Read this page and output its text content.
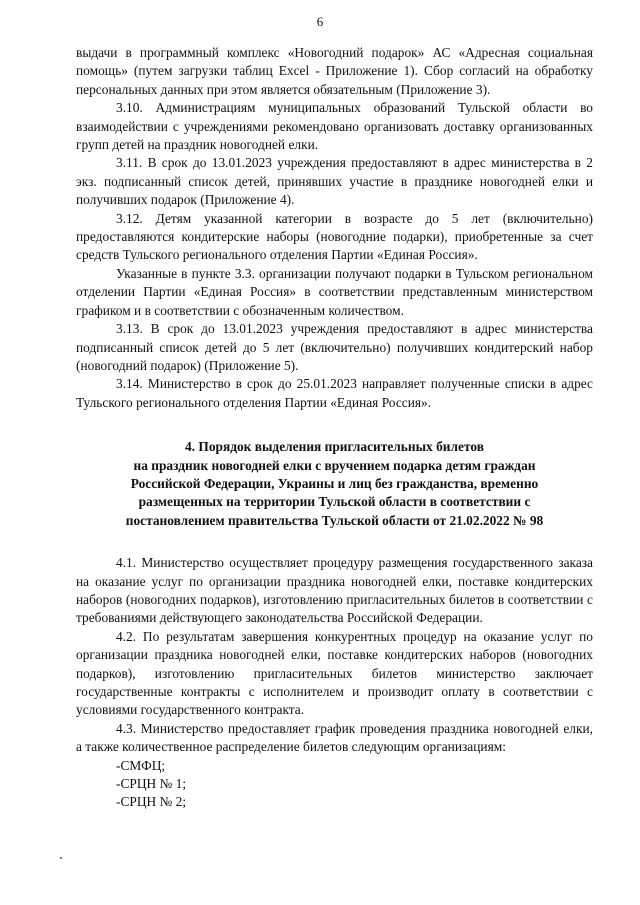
6

выдачи в программный комплекс «Новогодний подарок» АС «Адресная социальная помощь» (путем загрузки таблиц Excel - Приложение 1). Сбор согласий на обработку персональных данных при этом является обязательным (Приложение 3).

3.10. Администрациям муниципальных образований Тульской области во взаимодействии с учреждениями рекомендовано организовать доставку организованных групп детей на праздник новогодней елки.

3.11. В срок до 13.01.2023 учреждения предоставляют в адрес министерства в 2 экз. подписанный список детей, принявших участие в празднике новогодней елки и получивших подарок (Приложение 4).

3.12. Детям указанной категории в возрасте до 5 лет (включительно) предоставляются кондитерские наборы (новогодние подарки), приобретенные за счет средств Тульского регионального отделения Партии «Единая Россия».

Указанные в пункте 3.3. организации получают подарки в Тульском региональном отделении Партии «Единая Россия» в соответствии представленным министерством графиком и в соответствии с обозначенным количеством.

3.13. В срок до 13.01.2023 учреждения предоставляют в адрес министерства подписанный список детей до 5 лет (включительно) получивших кондитерский набор (новогодний подарок) (Приложение 5).

3.14. Министерство в срок до 25.01.2023 направляет полученные списки в адрес Тульского регионального отделения Партии «Единая Россия».

4. Порядок выделения пригласительных билетов
на праздник новогодней елки с вручением подарка детям граждан
Российской Федерации, Украины и лиц без гражданства, временно
размещенных на территории Тульской области в соответствии с
постановлением правительства Тульской области от 21.02.2022 № 98

4.1. Министерство осуществляет процедуру размещения государственного заказа на оказание услуг по организации праздника новогодней елки, поставке кондитерских наборов (новогодних подарков), изготовлению пригласительных билетов в соответствии с требованиями действующего законодательства Российской Федерации.

4.2. По результатам завершения конкурентных процедур на оказание услуг по организации праздника новогодней елки, поставке кондитерских наборов (новогодних подарков), изготовлению пригласительных билетов министерство заключает государственные контракты с исполнителем и производит оплату в соответствии с условиями государственного контракта.

4.3. Министерство предоставляет график проведения праздника новогодней елки, а также количественное распределение билетов следующим организациям:

-СМФЦ;

-СРЦН № 1;

-СРЦН № 2;
